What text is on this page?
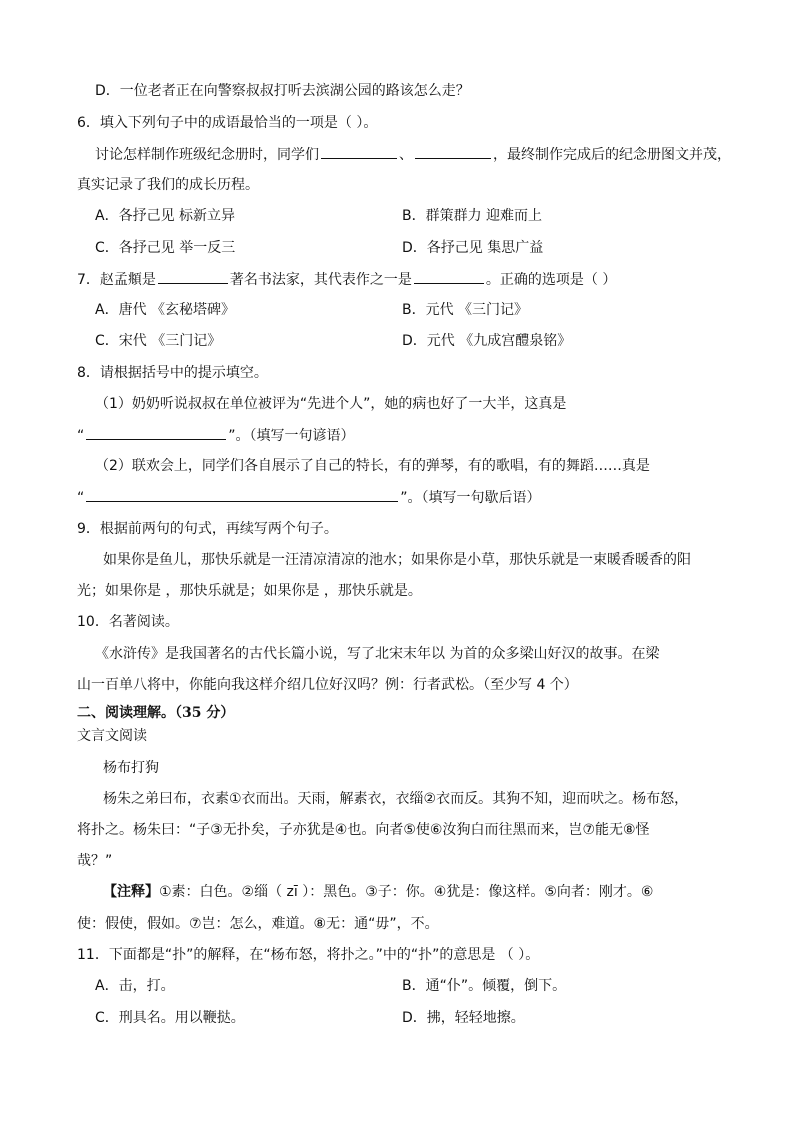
D．一位老者正在向警察叔叔打听去滨湖公园的路该怎么走？
6．填入下列句子中的成语最恰当的一项是（ ）。
讨论怎样制作班级纪念册时，同学们	、	，最终制作完成后的纪念册图文并茂，
真实记录了我们的成长历程。
A．各抒己见 标新立异	B．群策群力 迎难而上
C．各抒己见 举一反三	D．各抒己见 集思广益
7．赵孟頫是	著名书法家，其代表作之一是	。正确的选项是（ ）
A．唐代 《玄秘塔碑》	B．元代 《三门记》
C．宋代 《三门记》	D．元代 《九成宫醴泉铭》
8．请根据括号中的提示填空。
（1）奶奶听说叔叔在单位被评为“先进个人”，她的病也好了一大半，这真是
“	”。（填写一句谚语）
（2）联欢会上，同学们各自展示了自己的特长，有的弹琴，有的歌唱，有的舞蹈……真是
“	”。（填写一句歇后语）
9．根据前两句的句式，再续写两个句子。
如果你是鱼儿，那快乐就是一汪清凉清凉的池水；如果你是小草，那快乐就是一束暖香暖香的阳
光；如果你是 ，那快乐就是；如果你是 ，那快乐就是。
10．名著阅读。
《水浒传》是我国著名的古代长篇小说，写了北宋末年以 为首的众多梁山好汉的故事。在梁
山一百单八将中，你能向我这样介绍几位好汉吗？例：行者武松。（至少写 4 个）
二、阅读理解。（35 分）
文言文阅读
杨布打狗
杨朱之弟曰布，衣素①衣而出。天雨，解素衣，衣缁②衣而反。其狗不知，迎而吠之。杨布怒，
将扑之。杨朱曰：“子③无扑矣，子亦犹是④也。向者⑤使⑥汝狗白而往黑而来，岂⑦能无⑧怪
哉？”
【注释】①素：白色。②缁（ zī ）：黑色。③子：你。④犹是：像这样。⑤向者：刚才。⑥
使：假使，假如。⑦岂：怎么，难道。⑧无：通“毋”，不。
11．下面都是“扑”的解释，在“杨布怒，将扑之。”中的“扑”的意思是 （ ）。
A．击，打。	B．通“仆”。倾覆，倒下。
C．刑具名。用以鞭挞。	D．拂，轻轻地擦。
